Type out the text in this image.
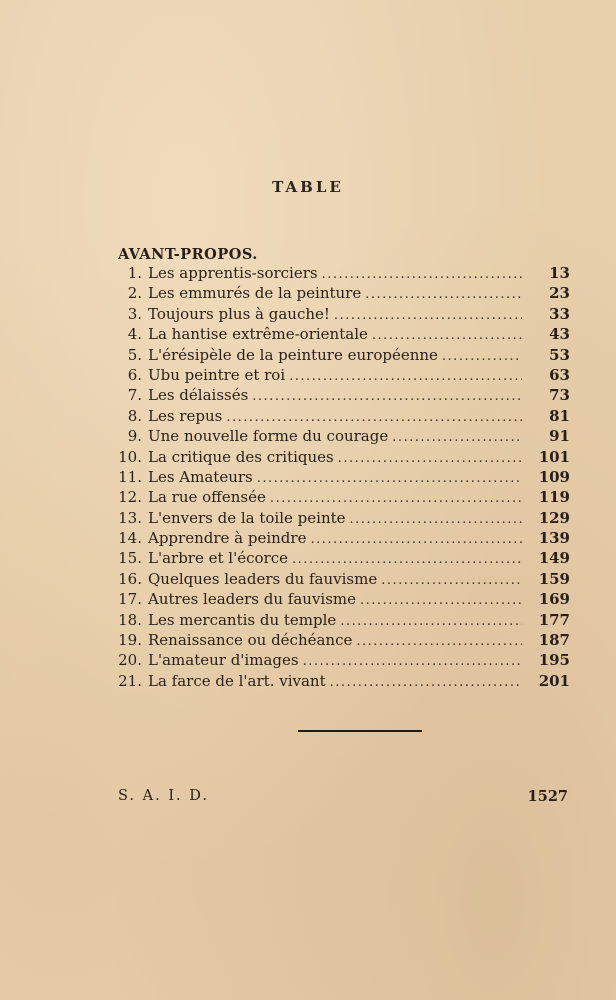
TABLE
AVANT-PROPOS.
1. Les apprentis-sorciers .....	13
2. Les emmurés de la peinture .....	23
3. Toujours plus à gauche! .....	33
4. La hantise extrême-orientale .....	43
5. L'érésipèle de la peinture européenne .....	53
6. Ubu peintre et roi .....	63
7. Les délaissés .....	73
8. Les repus .....	81
9. Une nouvelle forme du courage .....	91
10. La critique des critiques .....	101
11. Les Amateurs .....	109
12. La rue offensée .....	119
13. L'envers de la toile peinte .....	129
14. Apprendre à peindre .....	139
15. L'arbre et l'écorce .....	149
16. Quelques leaders du fauvisme .....	159
17. Autres leaders du fauvisme .....	169
18. Les mercantis du temple .....	177
19. Renaissance ou déchéance .....	187
20. L'amateur d'images .....	195
21. La farce de l'art. vivant .....	201
S. A. I. D.	1527
